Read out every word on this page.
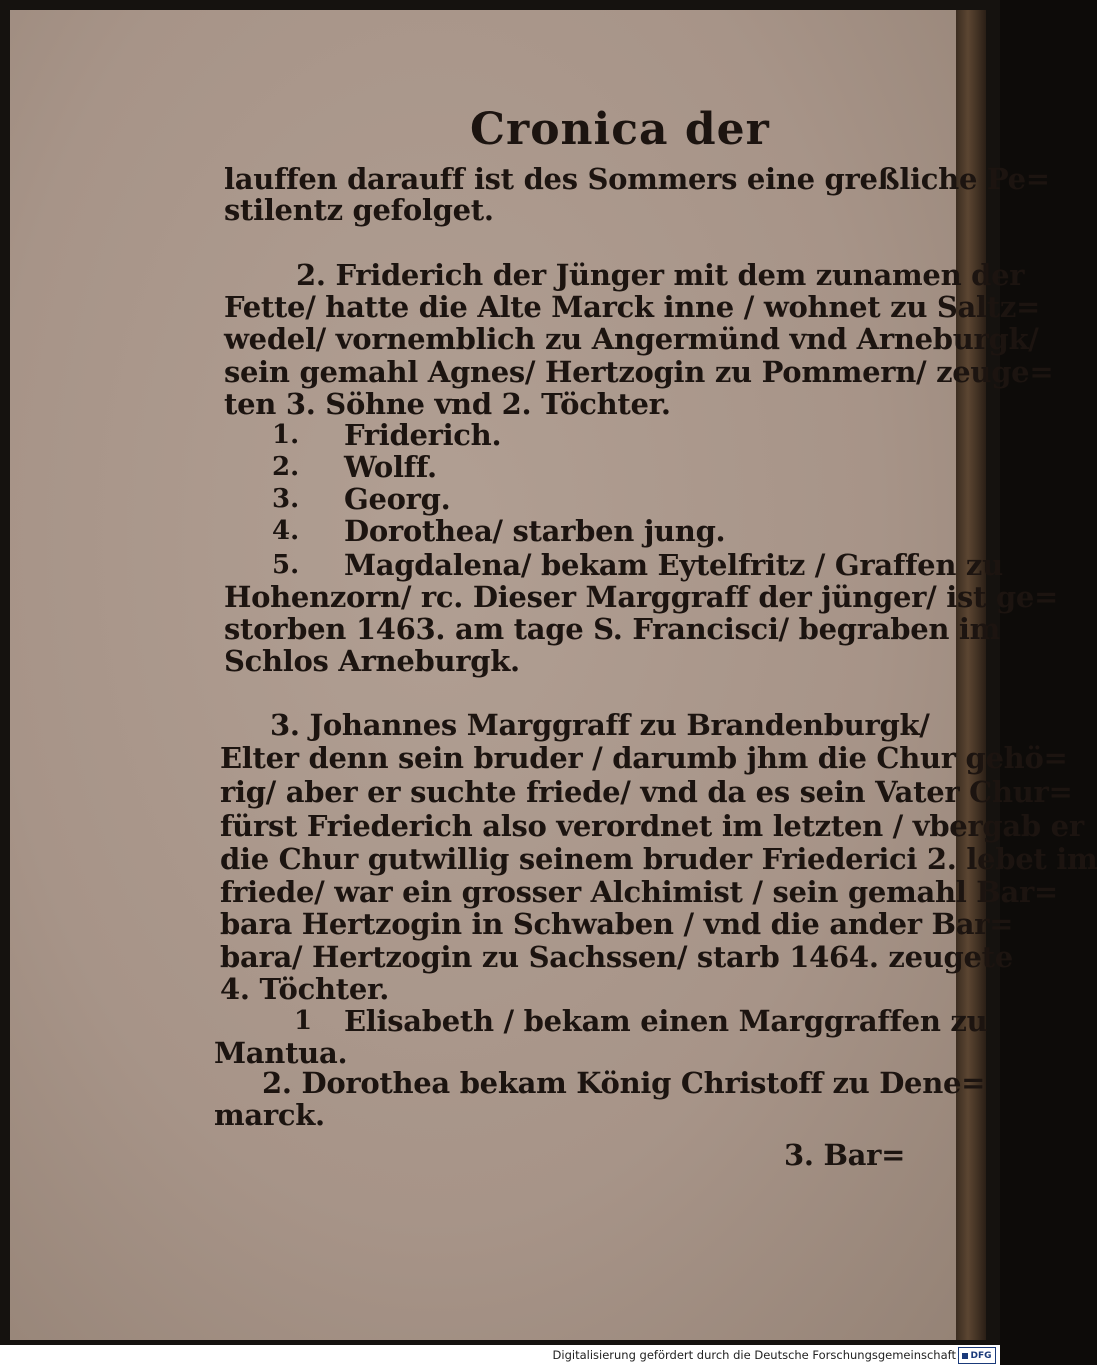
Cronica der
lauffen darauff ist des Sommers eine greßliche Pe=
stilentz gefolget.
2. Friderich der Jünger mit dem zunamen der
Fette/ hatte die Alte Marck inne / wohnet zu Saltz=
wedel/ vornemblich zu Angermünd vnd Arneburgk/
sein gemahl Agnes/ Hertzogin zu Pommern/ zeuge=
ten 3. Söhne vnd 2. Töchter.
1. Friderich.
2. Wolff.
3. Georg.
4. Dorothea/ starben jung.
5. Magdalena/ bekam Eytelfritz / Graffen zu
Hohenzorn/ rc. Dieser Marggraff der jünger/ ist ge=
storben 1463. am tage S. Francisci/ begraben im
Schlos Arneburgk.
3. Johannes Marggraff zu Brandenburgk/
Elter denn sein bruder / darumb jhm die Chur gehö=
rig/ aber er suchte friede/ vnd da es sein Vater Chur=
fürst Friederich also verordnet im letzten / vbergab er
die Chur gutwillig seinem bruder Friederici 2. lebet im
friede/ war ein grosser Alchimist / sein gemahl Bar=
bara Hertzogin in Schwaben / vnd die ander Bar=
bara/ Hertzogin zu Sachssen/ starb 1464. zeugete
4. Töchter.
1 Elisabeth / bekam einen Marggraffen zu
Mantua.
2. Dorothea bekam König Christoff zu Dene=
marck.
3. Bar=
Digitalisierung gefördert durch die Deutsche Forschungsgemeinschaft DFG
